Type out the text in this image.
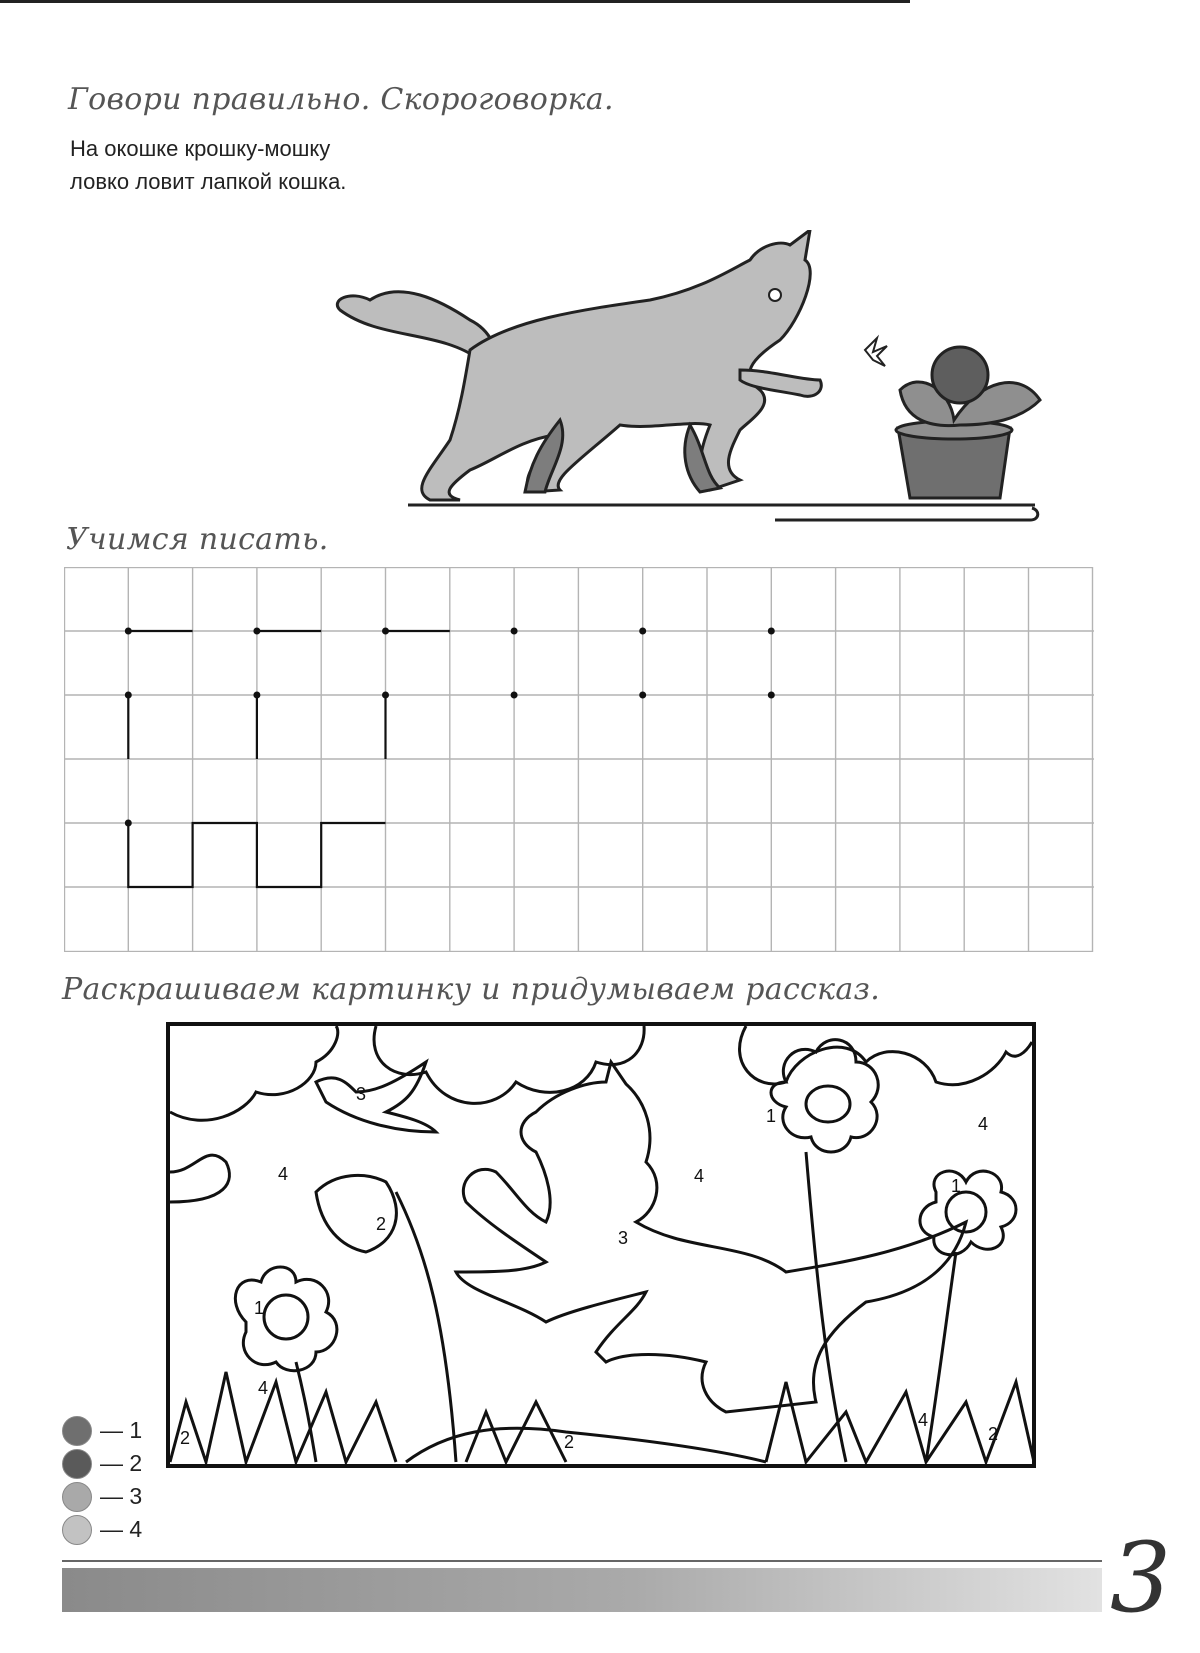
Говори правильно. Скороговорка.
На окошке крошку-мошку
ловко ловит лапкой кошка.
Учимся писать.
Раскрашиваем картинку и придумываем рассказ.
3
4	4
4
3
1
1
1
2
2	2	2
4
4
— 1
— 2
— 3
— 4	3
